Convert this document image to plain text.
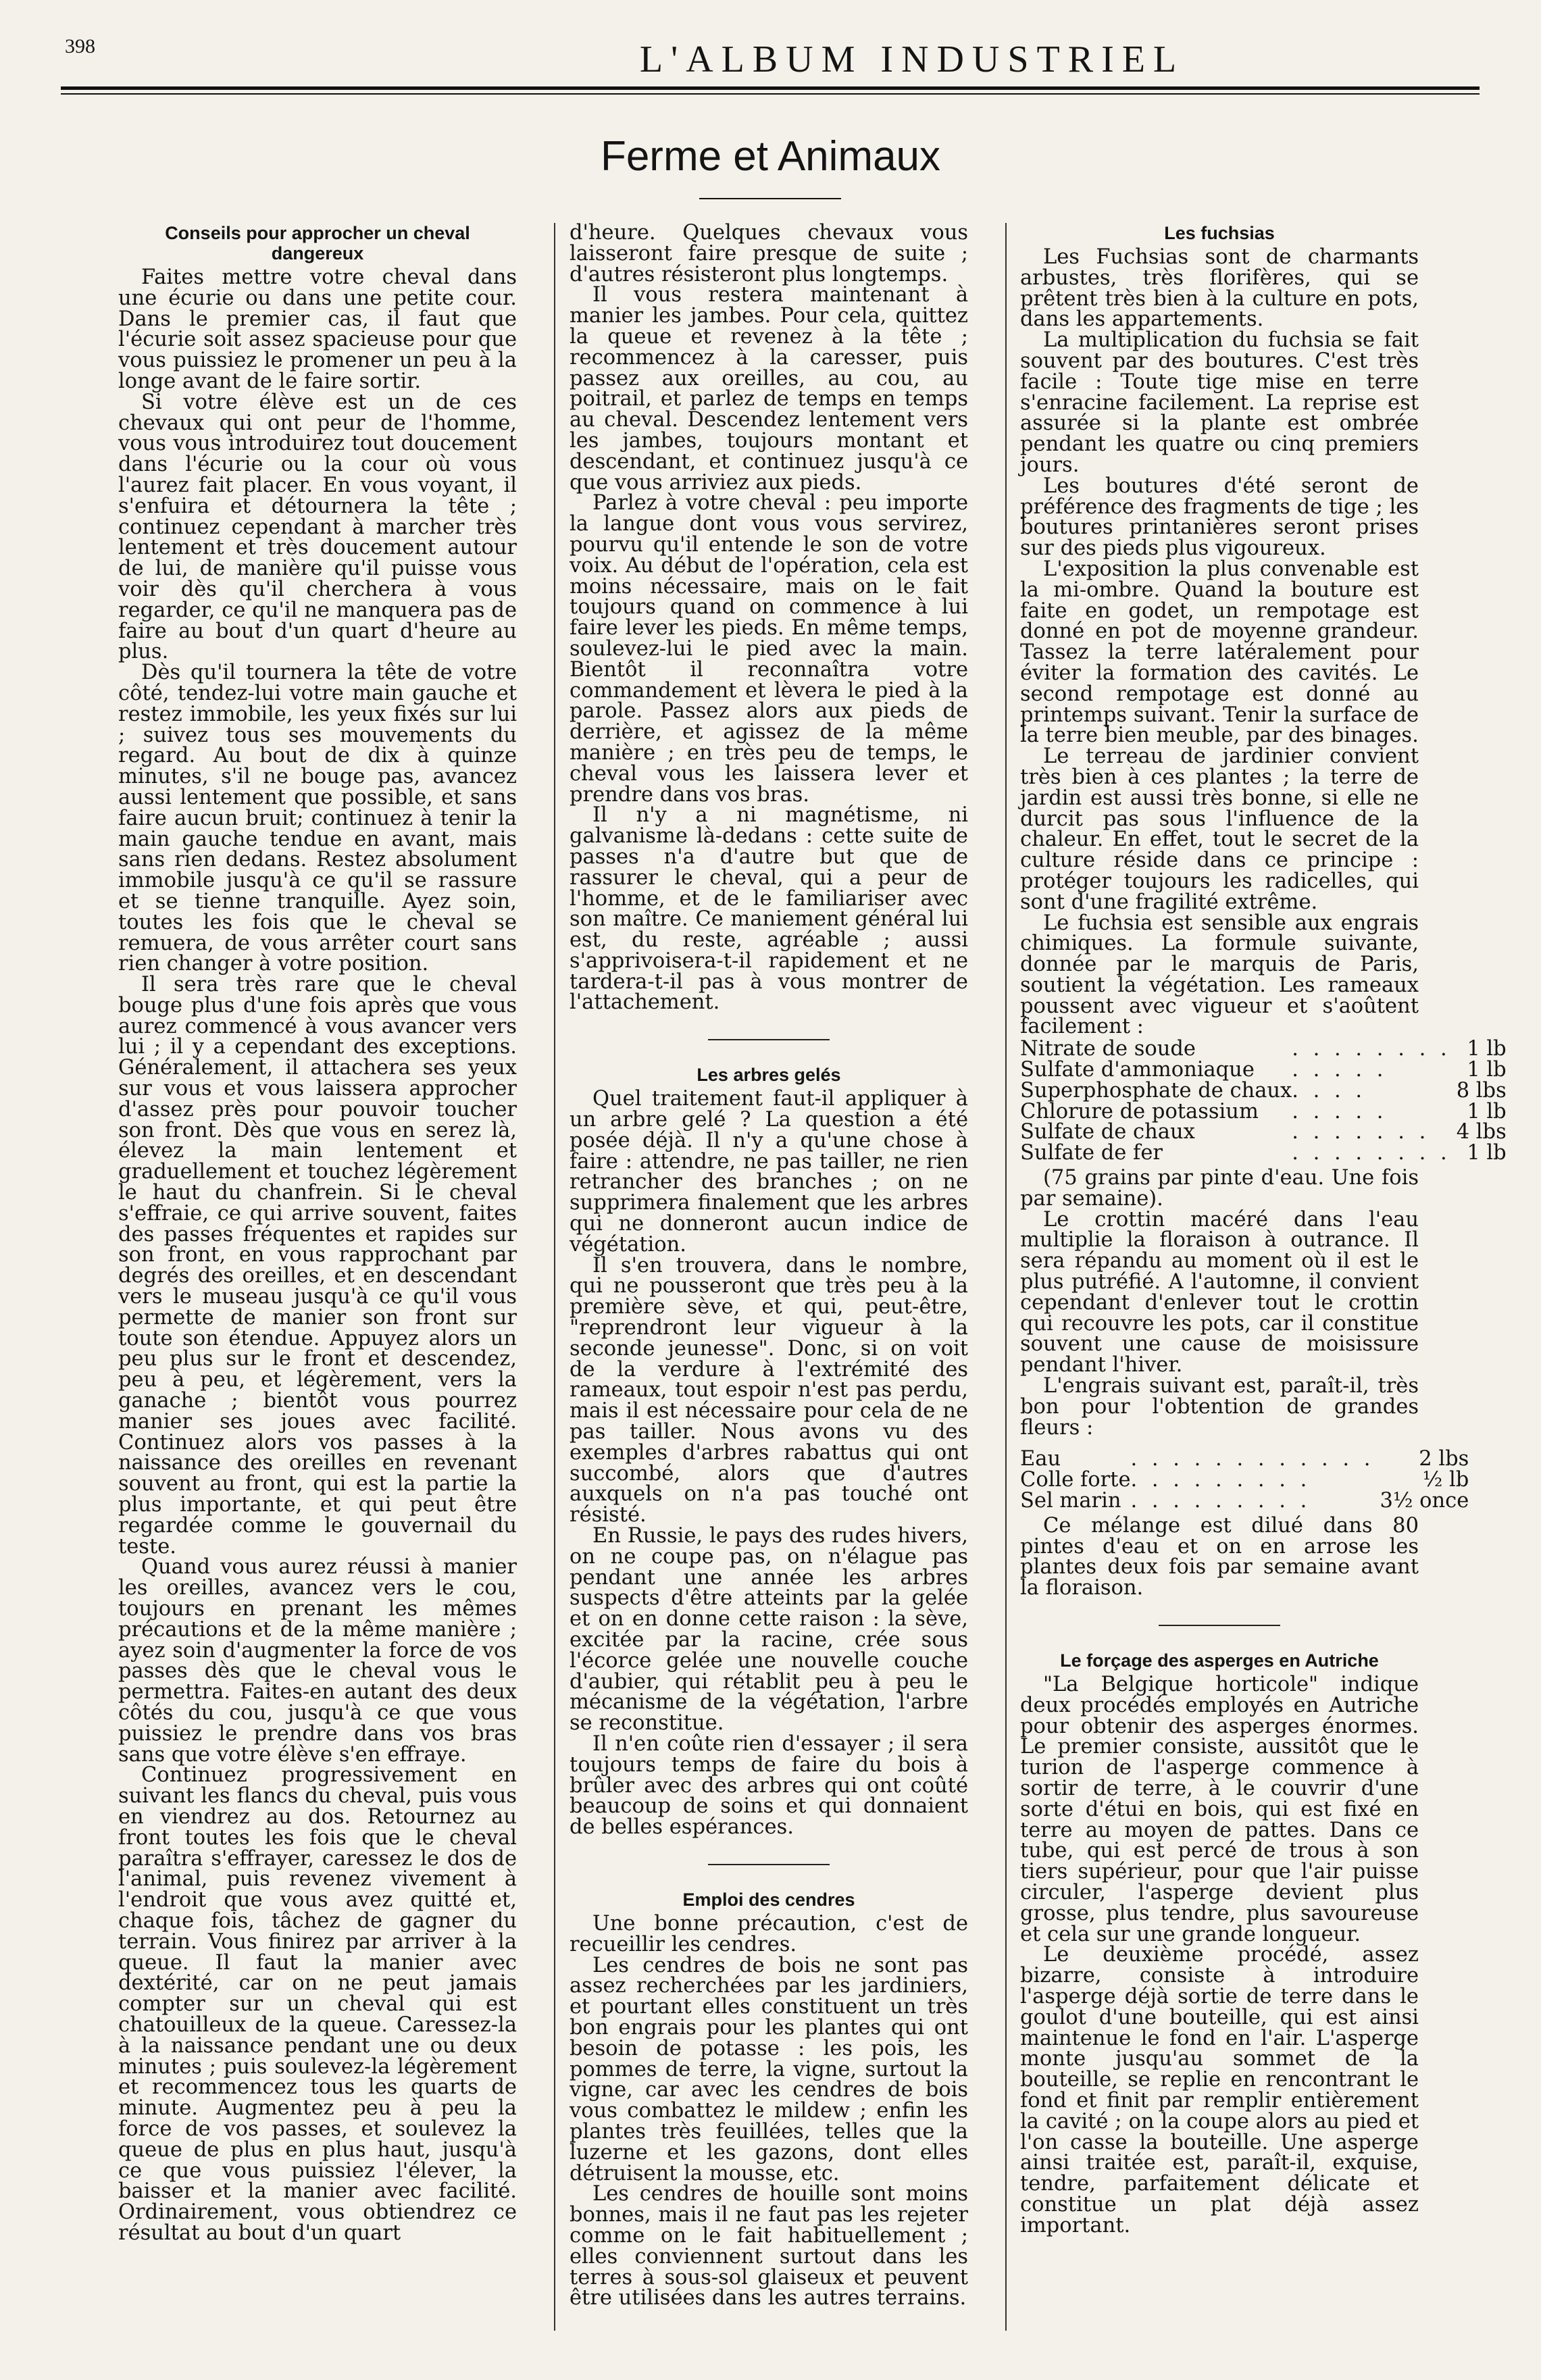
398	L'ALBUM INDUSTRIEL
Ferme et Animaux
Conseils pour approcher un cheval dangereux

Faites mettre votre cheval dans une écurie ou dans une petite cour. Dans le premier cas, il faut que l'écurie soit assez spacieuse pour que vous puissiez le promener un peu à la longe avant de le faire sortir.

Si votre élève est un de ces chevaux qui ont peur de l'homme, vous vous introduirez tout doucement dans l'écurie ou la cour où vous l'aurez fait placer. En vous voyant, il s'enfuira et détournera la tête ; continuez cependant à marcher très lentement et très doucement autour de lui, de manière qu'il puisse vous voir dès qu'il cherchera à vous regarder, ce qu'il ne manquera pas de faire au bout d'un quart d'heure au plus.

Dès qu'il tournera la tête de votre côté, tendez-lui votre main gauche et restez immobile, les yeux fixés sur lui ; suivez tous ses mouvements du regard. Au bout de dix à quinze minutes, s'il ne bouge pas, avancez aussi lentement que possible, et sans faire aucun bruit; continuez à tenir la main gauche tendue en avant, mais sans rien dedans. Restez absolument immobile jusqu'à ce qu'il se rassure et se tienne tranquille. Ayez soin, toutes les fois que le cheval se remuera, de vous arrêter court sans rien changer à votre position.

Il sera très rare que le cheval bouge plus d'une fois après que vous aurez commencé à vous avancer vers lui ; il y a cependant des exceptions. Généralement, il attachera ses yeux sur vous et vous laissera approcher d'assez près pour pouvoir toucher son front. Dès que vous en serez là, élevez la main lentement et graduellement et touchez légèrement le haut du chanfrein. Si le cheval s'effraie, ce qui arrive souvent, faites des passes fréquentes et rapides sur son front, en vous rapprochant par degrés des oreilles, et en descendant vers le museau jusqu'à ce qu'il vous permette de manier son front sur toute son étendue. Appuyez alors un peu plus sur le front et descendez, peu à peu, et légèrement, vers la ganache ; bientôt vous pourrez manier ses joues avec facilité. Continuez alors vos passes à la naissance des oreilles en revenant souvent au front, qui est la partie la plus importante, et qui peut être regardée comme le gouvernail du teste.

Quand vous aurez réussi à manier les oreilles, avancez vers le cou, toujours en prenant les mêmes précautions et de la même manière ; ayez soin d'augmenter la force de vos passes dès que le cheval vous le permettra. Faites-en autant des deux côtés du cou, jusqu'à ce que vous puissiez le prendre dans vos bras sans que votre élève s'en effraye.

Continuez progressivement en suivant les flancs du cheval, puis vous en viendrez au dos. Retournez au front toutes les fois que le cheval paraîtra s'effrayer, caressez le dos de l'animal, puis revenez vivement à l'endroit que vous avez quitté et, chaque fois, tâchez de gagner du terrain. Vous finirez par arriver à la queue. Il faut la manier avec dextérité, car on ne peut jamais compter sur un cheval qui est chatouilleux de la queue. Caressez-la à la naissance pendant une ou deux minutes ; puis soulevez-la légèrement et recommencez tous les quarts de minute. Augmentez peu à peu la force de vos passes, et soulevez la queue de plus en plus haut, jusqu'à ce que vous puissiez l'élever, la baisser et la manier avec facilité. Ordinairement, vous obtiendrez ce résultat au bout d'un quart

d'heure. Quelques chevaux vous laisseront faire presque de suite ; d'autres résisteront plus longtemps.

Il vous restera maintenant à manier les jambes. Pour cela, quittez la queue et revenez à la tête ; recommencez à la caresser, puis passez aux oreilles, au cou, au poitrail, et parlez de temps en temps au cheval. Descendez lentement vers les jambes, toujours montant et descendant, et continuez jusqu'à ce que vous arriviez aux pieds.

Parlez à votre cheval : peu importe la langue dont vous vous servirez, pourvu qu'il entende le son de votre voix. Au début de l'opération, cela est moins nécessaire, mais on le fait toujours quand on commence à lui faire lever les pieds. En même temps, soulevez-lui le pied avec la main. Bientôt il reconnaîtra votre commandement et lèvera le pied à la parole. Passez alors aux pieds de derrière, et agissez de la même manière ; en très peu de temps, le cheval vous les laissera lever et prendre dans vos bras.

Il n'y a ni magnétisme, ni galvanisme là-dedans : cette suite de passes n'a d'autre but que de rassurer le cheval, qui a peur de l'homme, et de le familiariser avec son maître. Ce maniement général lui est, du reste, agréable ; aussi s'apprivoisera-t-il rapidement et ne tardera-t-il pas à vous montrer de l'attachement.

Les arbres gelés

Quel traitement faut-il appliquer à un arbre gelé ? La question a été posée déjà. Il n'y a qu'une chose à faire : attendre, ne pas tailler, ne rien retrancher des branches ; on ne supprimera finalement que les arbres qui ne donneront aucun indice de végétation.

Il s'en trouvera, dans le nombre, qui ne pousseront que très peu à la première sève, et qui, peut-être, "reprendront leur vigueur à la seconde jeunesse". Donc, si on voit de la verdure à l'extrémité des rameaux, tout espoir n'est pas perdu, mais il est nécessaire pour cela de ne pas tailler. Nous avons vu des exemples d'arbres rabattus qui ont succombé, alors que d'autres auxquels on n'a pas touché ont résisté.

En Russie, le pays des rudes hivers, on ne coupe pas, on n'élague pas pendant une année les arbres suspects d'être atteints par la gelée et on en donne cette raison : la sève, excitée par la racine, crée sous l'écorce gelée une nouvelle couche d'aubier, qui rétablit peu à peu le mécanisme de la végétation, l'arbre se reconstitue.

Il n'en coûte rien d'essayer ; il sera toujours temps de faire du bois à brûler avec des arbres qui ont coûté beaucoup de soins et qui donnaient de belles espérances.

Emploi des cendres

Une bonne précaution, c'est de recueillir les cendres.

Les cendres de bois ne sont pas assez recherchées par les jardiniers, et pourtant elles constituent un très bon engrais pour les plantes qui ont besoin de potasse : les pois, les pommes de terre, la vigne, surtout la vigne, car avec les cendres de bois vous combattez le mildew ; enfin les plantes très feuillées, telles que la luzerne et les gazons, dont elles détruisent la mousse, etc.

Les cendres de houille sont moins bonnes, mais il ne faut pas les rejeter comme on le fait habituellement ; elles conviennent surtout dans les terres à sous-sol glaiseux et peuvent être utilisées dans les autres terrains.

Les fuchsias

Les Fuchsias sont de charmants arbustes, très florifères, qui se prêtent très bien à la culture en pots, dans les appartements.

La multiplication du fuchsia se fait souvent par des boutures. C'est très facile : Toute tige mise en terre s'enracine facilement. La reprise est assurée si la plante est ombrée pendant les quatre ou cinq premiers jours.

Les boutures d'été seront de préférence des fragments de tige ; les boutures printanières seront prises sur des pieds plus vigoureux.

L'exposition la plus convenable est la mi-ombre. Quand la bouture est faite en godet, un rempotage est donné en pot de moyenne grandeur. Tassez la terre latéralement pour éviter la formation des cavités. Le second rempotage est donné au printemps suivant. Tenir la surface de la terre bien meuble, par des binages.

Le terreau de jardinier convient très bien à ces plantes ; la terre de jardin est aussi très bonne, si elle ne durcit pas sous l'influence de la chaleur. En effet, tout le secret de la culture réside dans ce principe : protéger toujours les radicelles, qui sont d'une fragilité extrême.

Le fuchsia est sensible aux engrais chimiques. La formule suivante, donnée par le marquis de Paris, soutient la végétation. Les rameaux poussent avec vigueur et s'aoûtent facilement :

Nitrate de soude	. . . . . . . .	1 lb
Sulfate d'ammoniaque	. . . . .	1 lb
Superphosphate de chaux	. . . .	8 lbs
Chlorure de potassium	. . . . .	1 lb
Sulfate de chaux	. . . . . . .	4 lbs
Sulfate de fer	. . . . . . . .	1 lb

(75 grains par pinte d'eau. Une fois par semaine).

Le crottin macéré dans l'eau multiplie la floraison à outrance. Il sera répandu au moment où il est le plus putréfié. A l'automne, il convient cependant d'enlever tout le crottin qui recouvre les pots, car il constitue souvent une cause de moisissure pendant l'hiver.

L'engrais suivant est, paraît-il, très bon pour l'obtention de grandes fleurs :

Eau	. . . . . . . . . . . .	2 lbs
Colle forte	. . . . . . . . .	½ lb
Sel marin	. . . . . . . . .	3½ once

Ce mélange est dilué dans 80 pintes d'eau et on en arrose les plantes deux fois par semaine avant la floraison.

Le forçage des asperges en Autriche

"La Belgique horticole" indique deux procédés employés en Autriche pour obtenir des asperges énormes. Le premier consiste, aussitôt que le turion de l'asperge commence à sortir de terre, à le couvrir d'une sorte d'étui en bois, qui est fixé en terre au moyen de pattes. Dans ce tube, qui est percé de trous à son tiers supérieur, pour que l'air puisse circuler, l'asperge devient plus grosse, plus tendre, plus savoureuse et cela sur une grande longueur.

Le deuxième procédé, assez bizarre, consiste à introduire l'asperge déjà sortie de terre dans le goulot d'une bouteille, qui est ainsi maintenue le fond en l'air. L'asperge monte jusqu'au sommet de la bouteille, se replie en rencontrant le fond et finit par remplir entièrement la cavité ; on la coupe alors au pied et l'on casse la bouteille. Une asperge ainsi traitée est, paraît-il, exquise, tendre, parfaitement délicate et constitue un plat déjà assez important.
